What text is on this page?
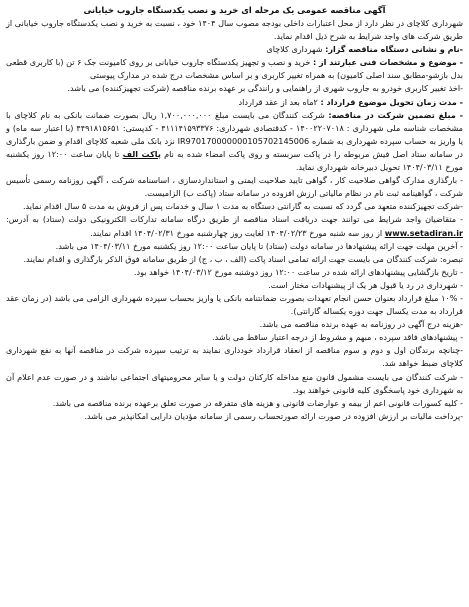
آگهی مناقصه عمومی یک مرحله ای خرید و نصب یکدستگاه جاروب خیابانی

شهرداری کلاچای در نظر دارد از محل اعتبارات داخلی بودجه مصوب سال ۱۴۰۴ خود ، نسبت به خرید و نصب یکدستگاه جاروب خیابانی از طریق شرکت های واجد شرایط به شرح ذیل اقدام نماید.

-نام و نشانی دستگاه مناقصه گزار: شهرداری کلاچای

- موضوع و مشخصات فنی عبارتند از : خرید و نصب و تجهیز یکدستگاه جاروب خیابانی بر روی کامیونت جک ۶ تن (با کاربری قطعی بدل بازشو-مطابق سند اصلی کامیون) به همراه تغییر کاربری و بر اساس مشخصات درج شده در مدارک پیوستی

-اخذ تغییر کاربری خودرو به جاروب شهری از راهنمایی و رانندگی بر عهده برنده مناقصه (شرکت تجهیزکننده) می باشد.

- مدت زمان تحویل موضوع قرارداد : ۲ماه بعد از عقد قرارداد

- مبلغ تضمین شرکت در مناقصه: شرکت کنندگان می بایست مبلغ ۱,۷۰۰,۰۰۰,۰۰۰ ریال بصورت ضمانت بانکی به نام کلاچای با مشخصات شناسه ملی شهرداری : ۱۴۰۰۲۲۰۷۰۱۸ - کدقتصادی شهرداری: ۴۱۱۱۴۱۵۹۳۳۷۶ - کدپستی: ۴۴۹۱۸۱۵۶۵۱ (با اعتبار سه ماه) و یا واریز به حساب سپرده شهرداری به شماره IR970170000000105702145006 نزد بانک ملی شعبه کلاچای اقدام و ضمن بارگذاری در سامانه ستاد اصل فیش مربوطه را در پاکت سربسته و روی پاکت امضاء شده به نام پاکت الف تا پایان ساعت ۱۲:۰۰ روز یکشنبه مورخ ۱۴۰۴/۰۳/۱۱ تحویل دبیرخانه شهرداری نماید.

- بارگذاری مدارک گواهی صلاحیت کار ، گواهی تایید صلاحیت ایمنی و استانداردسازی ، اساسنامه شرکت ، آگهی روزنامه رسمی تأسیس شرکت ، گواهینامه ثبت نام در نظام مالیاتی ارزش افزوده در سامانه ستاد (پاکت ب) الزامیست.

-شرکت تجهیزکننده متعهد می گردد که نسبت به گارانتی دستگاه به مدت ۱ سال و خدمات پس از فروش به مدت ۵ سال اقدام نماید.

- متقاضیان واجد شرایط می توانند جهت دریافت اسناد مناقصه از طریق درگاه سامانه تدارکات الکترونیکی دولت (ستاد) به آدرس: www.setadiran.ir از روز سه شنبه مورخ ۱۴۰۴/۰۲/۲۳ لغایت روز چهارشنبه مورخ ۱۴۰۴/۰۲/۳۱ اقدام نمایند.

- آخرین مهلت جهت ارائه پیشنهادها در سامانه دولت (ستاد) تا پایان ساعت ۱۲:۰۰ روز یکشنبه مورخ ۱۴۰۴/۰۳/۱۱ می باشد.

تبصره: شرکت کنندگان می بایست جهت ارائه تمامی اسناد پاکت (الف ، ب ، ج) از طریق سامانه فوق الذکر بارگذاری و اقدام نمایند.

- تاریخ بازگشایی پیشنهادهای ارائه شده در ساعت ۱۲:۰۰ روز دوشنبه مورخ ۱۴۰۴/۰۳/۱۲ خواهد بود.

- شهرداری در رد یا قبول هر یک از پیشنهادات مختار است.

- ۱۰% مبلغ قرارداد بعنوان حسن انجام تعهدات بصورت ضمانتنامه بانکی یا واریز بحساب سپرده شهرداری الزامی می باشد (در زمان عقد قرارداد به مدت یکسال جهت دوره یکساله گارانتی).

-هزینه درج آگهی در روزنامه به عهده برنده مناقصه می باشد.

- پیشنهادهای فاقد سپرده ، مبهم و مشروط از درجه اعتبار ساقط می باشد.

-چنانچه برندگان اول و دوم و سوم مناقصه از انعقاد قرارداد خودداری نمایند به ترتیب سپرده شرکت در مناقصه آنها به نفع شهرداری کلاچای ضبط خواهد شد.

- شرکت کنندگان می بایست مشمول قانون منع مداخله کارکنان دولت و یا سایر محرومیتهای اجتماعی نباشند و در صورت عدم اعلام آن به شهرداری خود پاسخگوی کلیه قانونی خواهند بود.

- کلیه کسورات قانونی اعم از بیمه و عوارضات قانونی و هزینه های متفرقه در صورت تعلق برعهده برنده مناقصه می باشد.

-پرداخت مالیات بر ارزش افزوده در صورت ارائه صورتحساب رسمی از سامانه مؤدیان دارایی امکانپذیر می باشد.
